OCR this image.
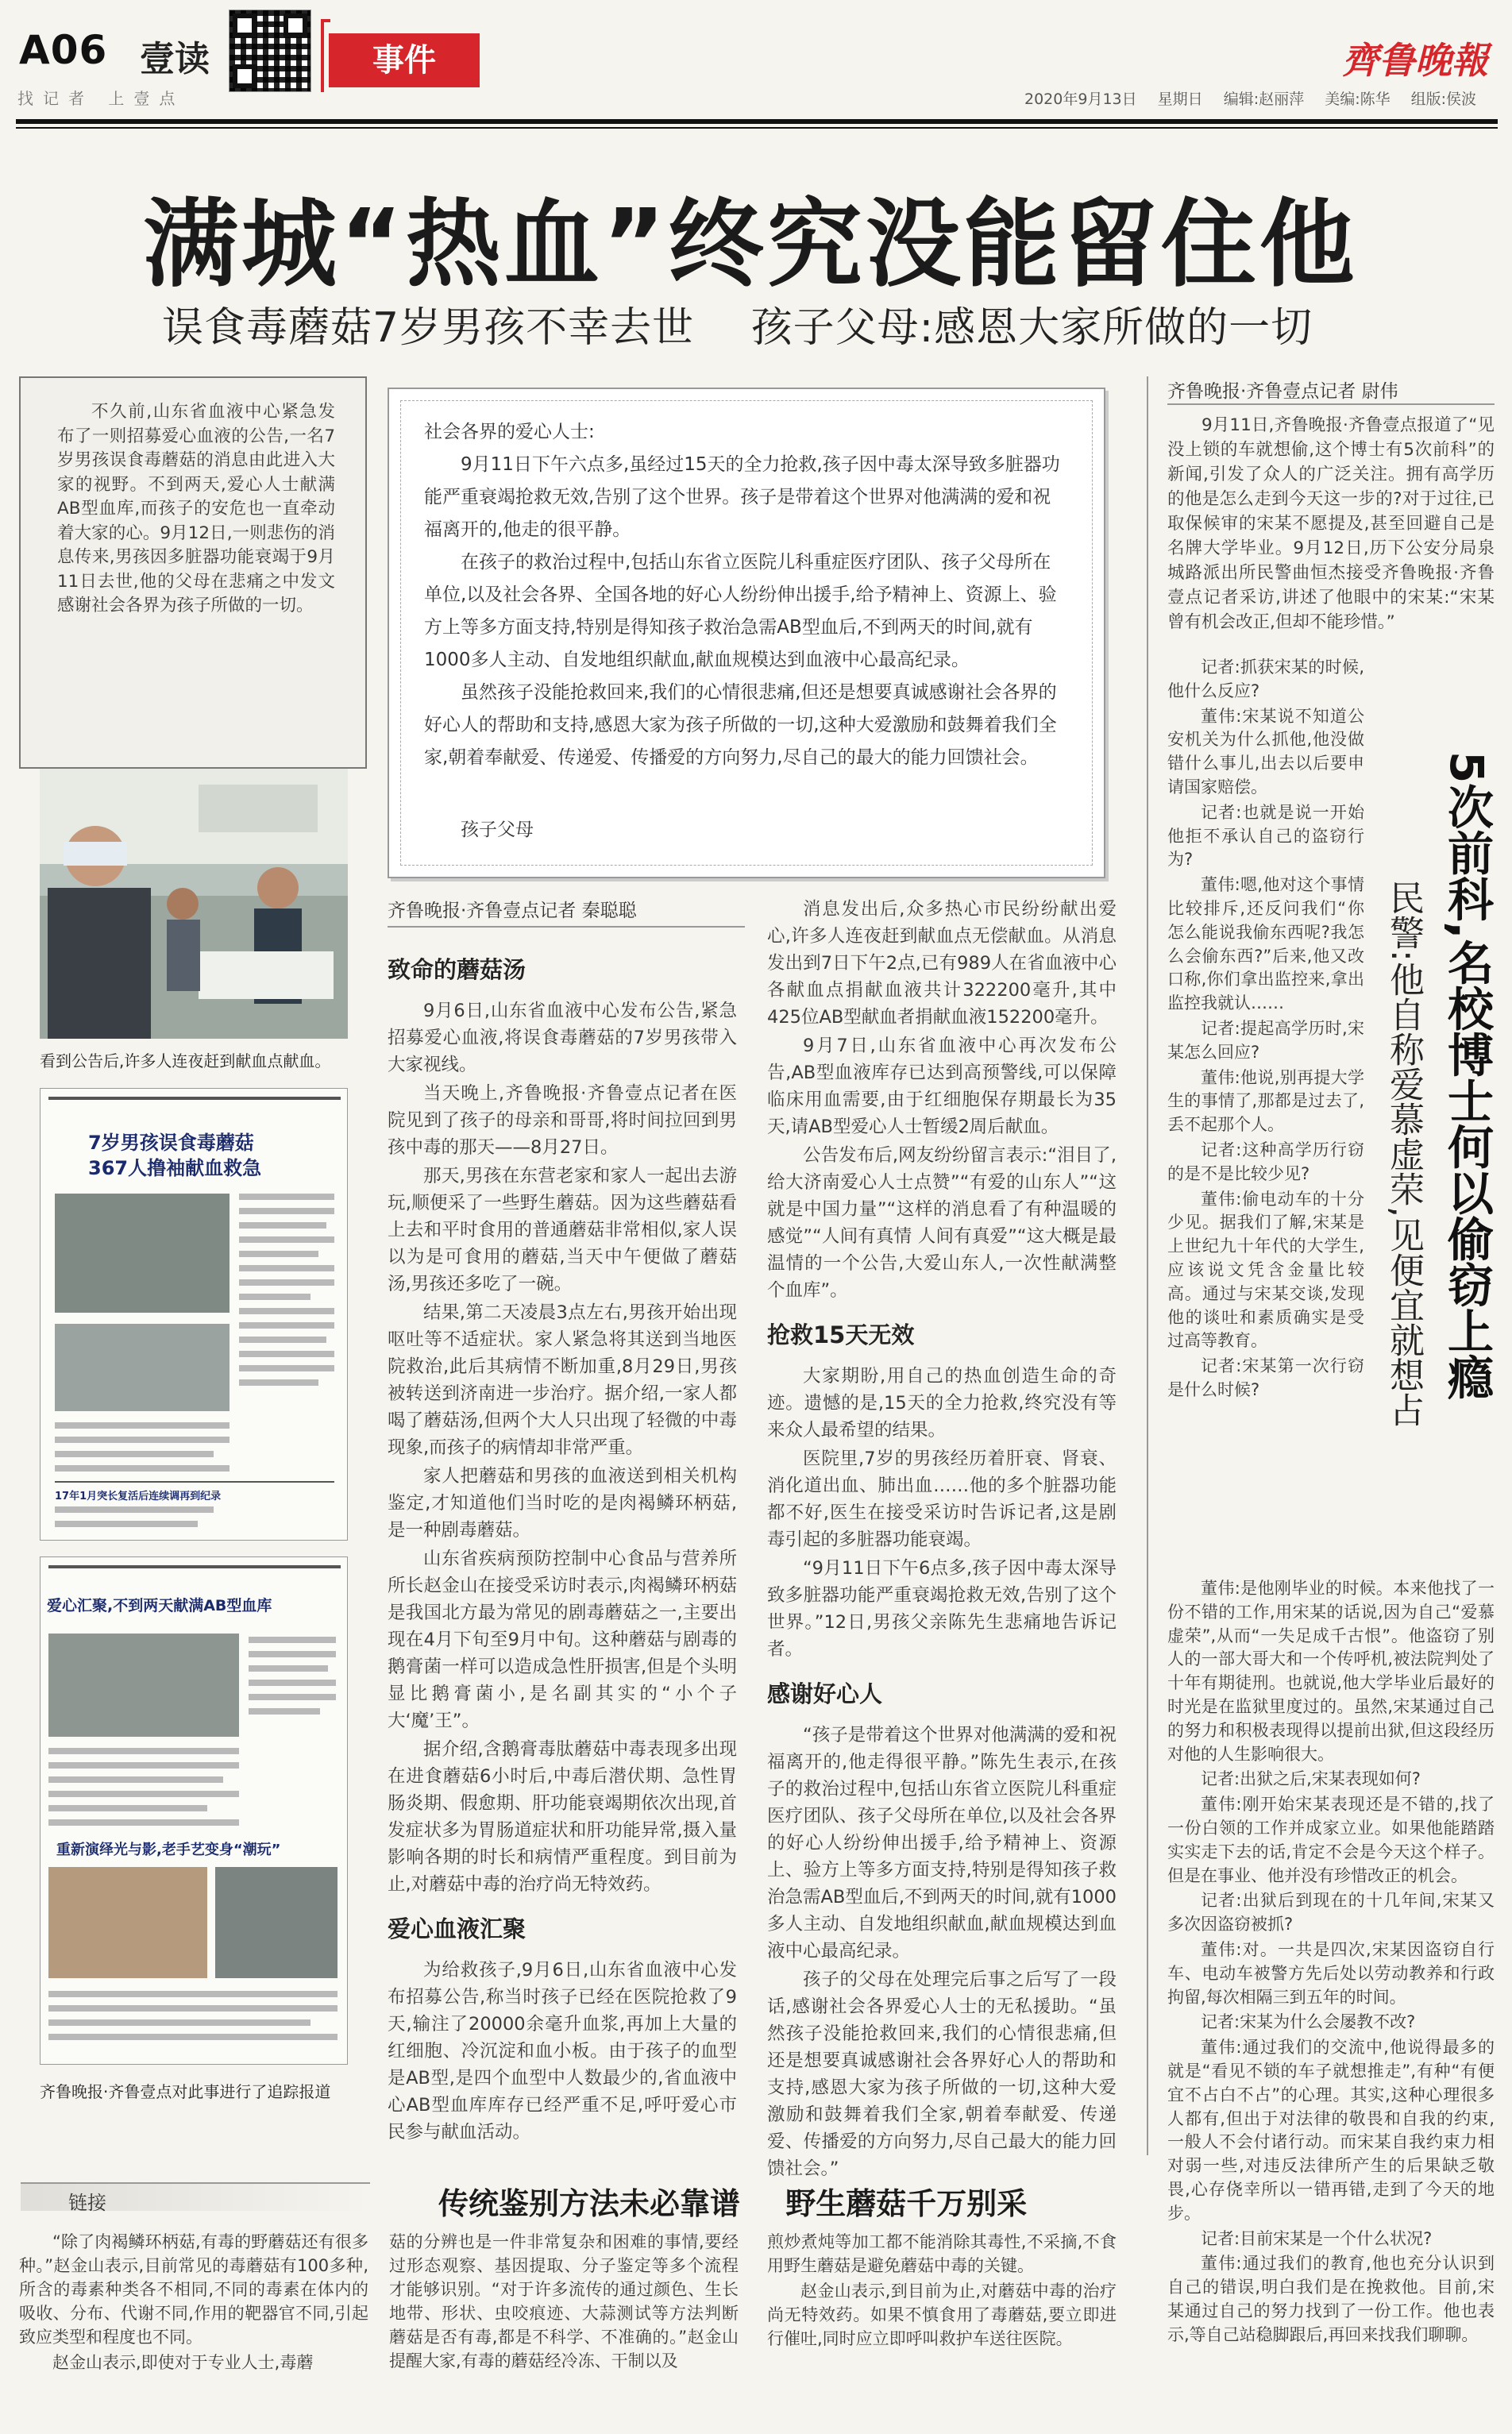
A06 壹读
找记者 上壹点
事件	齊鲁晚報
2020年9月13日 星期日 编辑:赵丽萍 美编:陈华 组版:侯波
满城“热血”终究没能留住他
误食毒蘑菇7岁男孩不幸去世 孩子父母:感恩大家所做的一切

不久前,山东省血液中心紧急发布了一则招募爱心血液的公告,一名7岁男孩误食毒蘑菇的消息由此进入大家的视野。不到两天,爱心人士献满AB型血库,而孩子的安危也一直牵动着大家的心。9月12日,一则悲伤的消息传来,男孩因多脏器功能衰竭于9月11日去世,他的父母在悲痛之中发文感谢社会各界为孩子所做的一切。

看到公告后,许多人连夜赶到献血点献血。
7岁男孩误食毒蘑菇
367人撸袖献血救急
17年1月突长复活后连续调再到纪录
爱心汇聚,不到两天献满AB型血库
重新演绎光与影,老手艺变身“潮玩”
齐鲁晚报·齐鲁壹点对此事进行了追踪报道

社会各界的爱心人士:

9月11日下午六点多,虽经过15天的全力抢救,孩子因中毒太深导致多脏器功能严重衰竭抢救无效,告别了这个世界。孩子是带着这个世界对他满满的爱和祝福离开的,他走的很平静。

在孩子的救治过程中,包括山东省立医院儿科重症医疗团队、孩子父母所在单位,以及社会各界、全国各地的好心人纷纷伸出援手,给予精神上、资源上、验方上等多方面支持,特别是得知孩子救治急需AB型血后,不到两天的时间,就有1000多人主动、自发地组织献血,献血规模达到血液中心最高纪录。

虽然孩子没能抢救回来,我们的心情很悲痛,但还是想要真诚感谢社会各界的好心人的帮助和支持,感恩大家为孩子所做的一切,这种大爱激励和鼓舞着我们全家,朝着奉献爱、传递爱、传播爱的方向努力,尽自己的最大的能力回馈社会。

孩子父母

齐鲁晚报·齐鲁壹点记者 秦聪聪
致命的蘑菇汤

9月6日,山东省血液中心发布公告,紧急招募爱心血液,将误食毒蘑菇的7岁男孩带入大家视线。

当天晚上,齐鲁晚报·齐鲁壹点记者在医院见到了孩子的母亲和哥哥,将时间拉回到男孩中毒的那天——8月27日。

那天,男孩在东营老家和家人一起出去游玩,顺便采了一些野生蘑菇。因为这些蘑菇看上去和平时食用的普通蘑菇非常相似,家人误以为是可食用的蘑菇,当天中午便做了蘑菇汤,男孩还多吃了一碗。

结果,第二天凌晨3点左右,男孩开始出现呕吐等不适症状。家人紧急将其送到当地医院救治,此后其病情不断加重,8月29日,男孩被转送到济南进一步治疗。据介绍,一家人都喝了蘑菇汤,但两个大人只出现了轻微的中毒现象,而孩子的病情却非常严重。

家人把蘑菇和男孩的血液送到相关机构鉴定,才知道他们当时吃的是肉褐鳞环柄菇,是一种剧毒蘑菇。

山东省疾病预防控制中心食品与营养所所长赵金山在接受采访时表示,肉褐鳞环柄菇是我国北方最为常见的剧毒蘑菇之一,主要出现在4月下旬至9月中旬。这种蘑菇与剧毒的鹅膏菌一样可以造成急性肝损害,但是个头明显比鹅膏菌小,是名副其实的“小个子大‘魔’王”。

据介绍,含鹅膏毒肽蘑菇中毒表现多出现在进食蘑菇6小时后,中毒后潜伏期、急性胃肠炎期、假愈期、肝功能衰竭期依次出现,首发症状多为胃肠道症状和肝功能异常,摄入量影响各期的时长和病情严重程度。到目前为止,对蘑菇中毒的治疗尚无特效药。

爱心血液汇聚

为给救孩子,9月6日,山东省血液中心发布招募公告,称当时孩子已经在医院抢救了9天,输注了20000余毫升血浆,再加上大量的红细胞、冷沉淀和血小板。由于孩子的血型是AB型,是四个血型中人数最少的,省血液中心AB型血库库存已经严重不足,呼吁爱心市民参与献血活动。

消息发出后,众多热心市民纷纷献出爱心,许多人连夜赶到献血点无偿献血。从消息发出到7日下午2点,已有989人在省血液中心各献血点捐献血液共计322200毫升,其中425位AB型献血者捐献血液152200毫升。

9月7日,山东省血液中心再次发布公告,AB型血液库存已达到高预警线,可以保障临床用血需要,由于红细胞保存期最长为35天,请AB型爱心人士暂缓2周后献血。

公告发布后,网友纷纷留言表示:“泪目了,给大济南爱心人士点赞”“有爱的山东人”“这就是中国力量”“这样的消息看了有种温暖的感觉”“人间有真情 人间有真爱”“这大概是最温情的一个公告,大爱山东人,一次性献满整个血库”。

抢救15天无效

大家期盼,用自己的热血创造生命的奇迹。遗憾的是,15天的全力抢救,终究没有等来众人最希望的结果。

医院里,7岁的男孩经历着肝衰、肾衰、消化道出血、肺出血……他的多个脏器功能都不好,医生在接受采访时告诉记者,这是剧毒引起的多脏器功能衰竭。

“9月11日下午6点多,孩子因中毒太深导致多脏器功能严重衰竭抢救无效,告别了这个世界。”12日,男孩父亲陈先生悲痛地告诉记者。

感谢好心人

“孩子是带着这个世界对他满满的爱和祝福离开的,他走得很平静。”陈先生表示,在孩子的救治过程中,包括山东省立医院儿科重症医疗团队、孩子父母所在单位,以及社会各界的好心人纷纷伸出援手,给予精神上、资源上、验方上等多方面支持,特别是得知孩子救治急需AB型血后,不到两天的时间,就有1000多人主动、自发地组织献血,献血规模达到血液中心最高纪录。

孩子的父母在处理完后事之后写了一段话,感谢社会各界爱心人士的无私援助。“虽然孩子没能抢救回来,我们的心情很悲痛,但还是想要真诚感谢社会各界好心人的帮助和支持,感恩大家为孩子所做的一切,这种大爱激励和鼓舞着我们全家,朝着奉献爱、传递爱、传播爱的方向努力,尽自己最大的能力回馈社会。”

齐鲁晚报·齐鲁壹点记者 尉伟

9月11日,齐鲁晚报·齐鲁壹点报道了“见没上锁的车就想偷,这个博士有5次前科”的新闻,引发了众人的广泛关注。拥有高学历的他是怎么走到今天这一步的?对于过往,已取保候审的宋某不愿提及,甚至回避自己是名牌大学毕业。9月12日,历下公安分局泉城路派出所民警曲恒杰接受齐鲁晚报·齐鲁壹点记者采访,讲述了他眼中的宋某:“宋某曾有机会改正,但却不能珍惜。”

5次前科,名校博士何以偷窃上瘾
民警:他自称爱慕虚荣,见便宜就想占

记者:抓获宋某的时候,他什么反应?

董伟:宋某说不知道公安机关为什么抓他,他没做错什么事儿,出去以后要申请国家赔偿。

记者:也就是说一开始他拒不承认自己的盗窃行为?

董伟:嗯,他对这个事情比较排斥,还反问我们“你怎么能说我偷东西呢?我怎么会偷东西?”后来,他又改口称,你们拿出监控来,拿出监控我就认……

记者:提起高学历时,宋某怎么回应?

董伟:他说,别再提大学生的事情了,那都是过去了,丢不起那个人。

记者:这种高学历行窃的是不是比较少见?

董伟:偷电动车的十分少见。据我们了解,宋某是上世纪九十年代的大学生,应该说文凭含金量比较高。通过与宋某交谈,发现他的谈吐和素质确实是受过高等教育。

记者:宋某第一次行窃是什么时候?

董伟:是他刚毕业的时候。本来他找了一份不错的工作,用宋某的话说,因为自己“爱慕虚荣”,从而“一失足成千古恨”。他盗窃了别人的一部大哥大和一个传呼机,被法院判处了十年有期徒刑。也就说,他大学毕业后最好的时光是在监狱里度过的。虽然,宋某通过自己的努力和积极表现得以提前出狱,但这段经历对他的人生影响很大。

记者:出狱之后,宋某表现如何?

董伟:刚开始宋某表现还是不错的,找了一份白领的工作并成家立业。如果他能踏踏实实走下去的话,肯定不会是今天这个样子。但是在事业、他并没有珍惜改正的机会。

记者:出狱后到现在的十几年间,宋某又多次因盗窃被抓?

董伟:对。一共是四次,宋某因盗窃自行车、电动车被警方先后处以劳动教养和行政拘留,每次相隔三到五年的时间。

记者:宋某为什么会屡教不改?

董伟:通过我们的交流中,他说得最多的就是“看见不锁的车子就想推走”,有种“有便宜不占白不占”的心理。其实,这种心理很多人都有,但出于对法律的敬畏和自我的约束,一般人不会付诸行动。而宋某自我约束力相对弱一些,对违反法律所产生的后果缺乏敬畏,心存侥幸所以一错再错,走到了今天的地步。

记者:目前宋某是一个什么状况?

董伟:通过我们的教育,他也充分认识到自己的错误,明白我们是在挽救他。目前,宋某通过自己的努力找到了一份工作。他也表示,等自己站稳脚跟后,再回来找我们聊聊。

链接	传统鉴别方法未必靠谱 野生蘑菇千万别采

“除了肉褐鳞环柄菇,有毒的野蘑菇还有很多种。”赵金山表示,目前常见的毒蘑菇有100多种,所含的毒素种类各不相同,不同的毒素在体内的吸收、分布、代谢不同,作用的靶器官不同,引起致应类型和程度也不同。

赵金山表示,即使对于专业人士,毒蘑

菇的分辨也是一件非常复杂和困难的事情,要经过形态观察、基因提取、分子鉴定等多个流程才能够识别。“对于许多流传的通过颜色、生长地带、形状、虫咬痕迹、大蒜测试等方法判断蘑菇是否有毒,都是不科学、不准确的。”赵金山提醒大家,有毒的蘑菇经冷冻、干制以及

煎炒煮炖等加工都不能消除其毒性,不采摘,不食用野生蘑菇是避免蘑菇中毒的关键。

赵金山表示,到目前为止,对蘑菇中毒的治疗尚无特效药。如果不慎食用了毒蘑菇,要立即进行催吐,同时应立即呼叫救护车送往医院。
